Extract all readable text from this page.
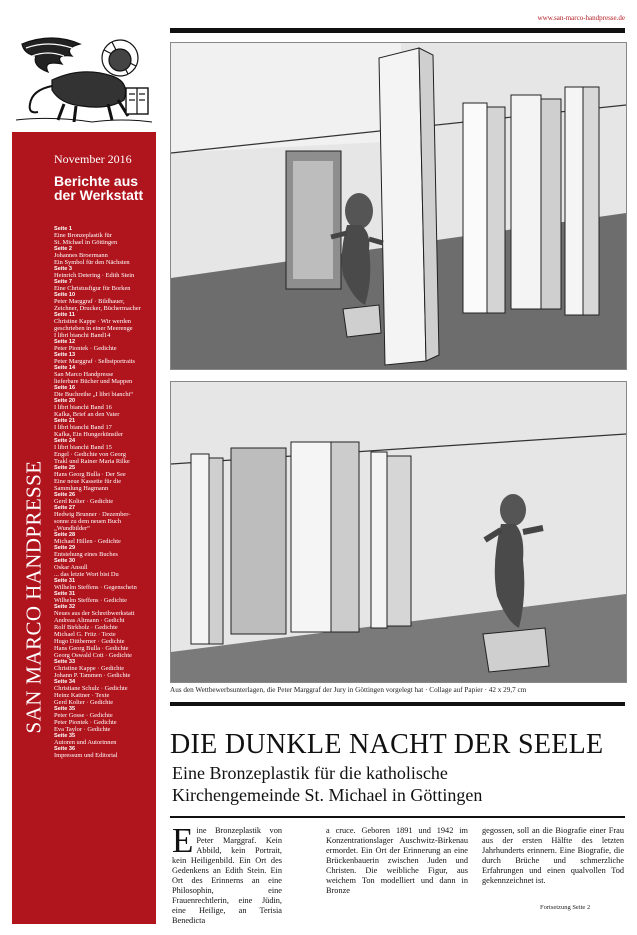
www.san-marco-handpresse.de
SAN MARCO HANDPRESSE
November 2016
Berichte aus der Werkstatt
Seite 1
Eine Bronzeplastik für
St. Michael in Göttingen
Seite 2
Johannes Broermann
Ein Symbol für den Nächsten
Seite 3
Heinrich Detering · Edith Stein
Seite 7
Eine Christusfigur für Borken
Seite 10
Peter Marggraf · Bildhauer,
Zeichner, Drucker, Büchermacher
Seite 11
Christine Kappe · Wir werden
geschrieben in einer Meerenge
I libri bianchi Band14
Seite 12
Peter Piontek · Gedichte
Seite 13
Peter Marggraf · Selbstportraits
Seite 14
San Marco Handpresse
lieferbare Bücher und Mappen
Seite 16
Die Buchreihe „I libri bianchi“
Seite 20
I libri bianchi Band 16
Kafka, Brief an den Vater
Seite 21
I libri bianchi Band 17
Kafka, Ein Hungerkünstler
Seite 24
I libri bianchi Band 15
Engel · Gedichte von Georg
Trakl und Rainer Maria Rilke
Seite 25
Hans Georg Bulla · Der See
Eine neue Kassette für die
Sammlung Hagmann
Seite 26
Gerd Kolter · Gedichte
Seite 27
Hedwig Brunner · Dezember-
sonne zu dem neuen Buch
„Wundbilder“
Seite 28
Michael Hillen · Gedichte
Seite 29
Entstehung eines Buches
Seite 30
Oskar Ansull
... das letzte Wort bist Du
Seite 31
Wilhelm Steffens · Gegenschein
Seite 31
Wilhelm Steffens · Gedichte
Seite 32
Neues aus der Schreibwerkstatt
Andreas Altmann · Gedicht
Rolf Birkholz · Gedichte
Michael G. Fritz · Texte
Hugo Dittberner · Gedichte
Hans Georg Bulla · Gedichte
Georg Oswald Cott · Gedichte
Seite 33
Christine Kappe · Gedichte
Johann P. Tammen · Gedichte
Seite 34
Christiane Schulz · Gedichte
Heinz Kattner · Texte
Gerd Kolter · Gedichte
Seite 35
Peter Gosse · Gedichte
Peter Piontek · Gedichte
Eva Taylor · Gedichte
Seite 35
Autoren und Autorinnen
Seite 36
Impressum und Editorial
Aus den Wettbewerbsunterlagen, die Peter Marggraf der Jury in Göttingen vorgelegt hat · Collage auf Papier · 42 x 29,7 cm
DIE DUNKLE NACHT DER SEELE
Eine Bronzeplastik für die katholische
Kirchengemeinde St. Michael in Göttingen
Eine Bronzeplastik von Peter Marggraf. Kein Abbild, kein Portrait, kein Heiligenbild. Ein Ort des Gedenkens an Edith Stein. Ein Ort des Erinnerns an eine Philosophin, eine Frauenrechtlerin, eine Jüdin, eine Heilige, an Terisia Benedicta
a cruce. Geboren 1891 und 1942 im Konzentrationslager Auschwitz-Birkenau ermordet. Ein Ort der Erinnerung an eine Brückenbauerin zwischen Juden und Christen. Die weibliche Figur, aus weichem Ton modelliert und dann in Bronze
gegossen, soll an die Biografie einer Frau aus der ersten Hälfte des letzten Jahrhunderts erinnern. Eine Biografie, die durch Brüche und schmerzliche Erfahrungen und einen qualvollen Tod gekennzeichnet ist.
Fortsetzung Seite 2
